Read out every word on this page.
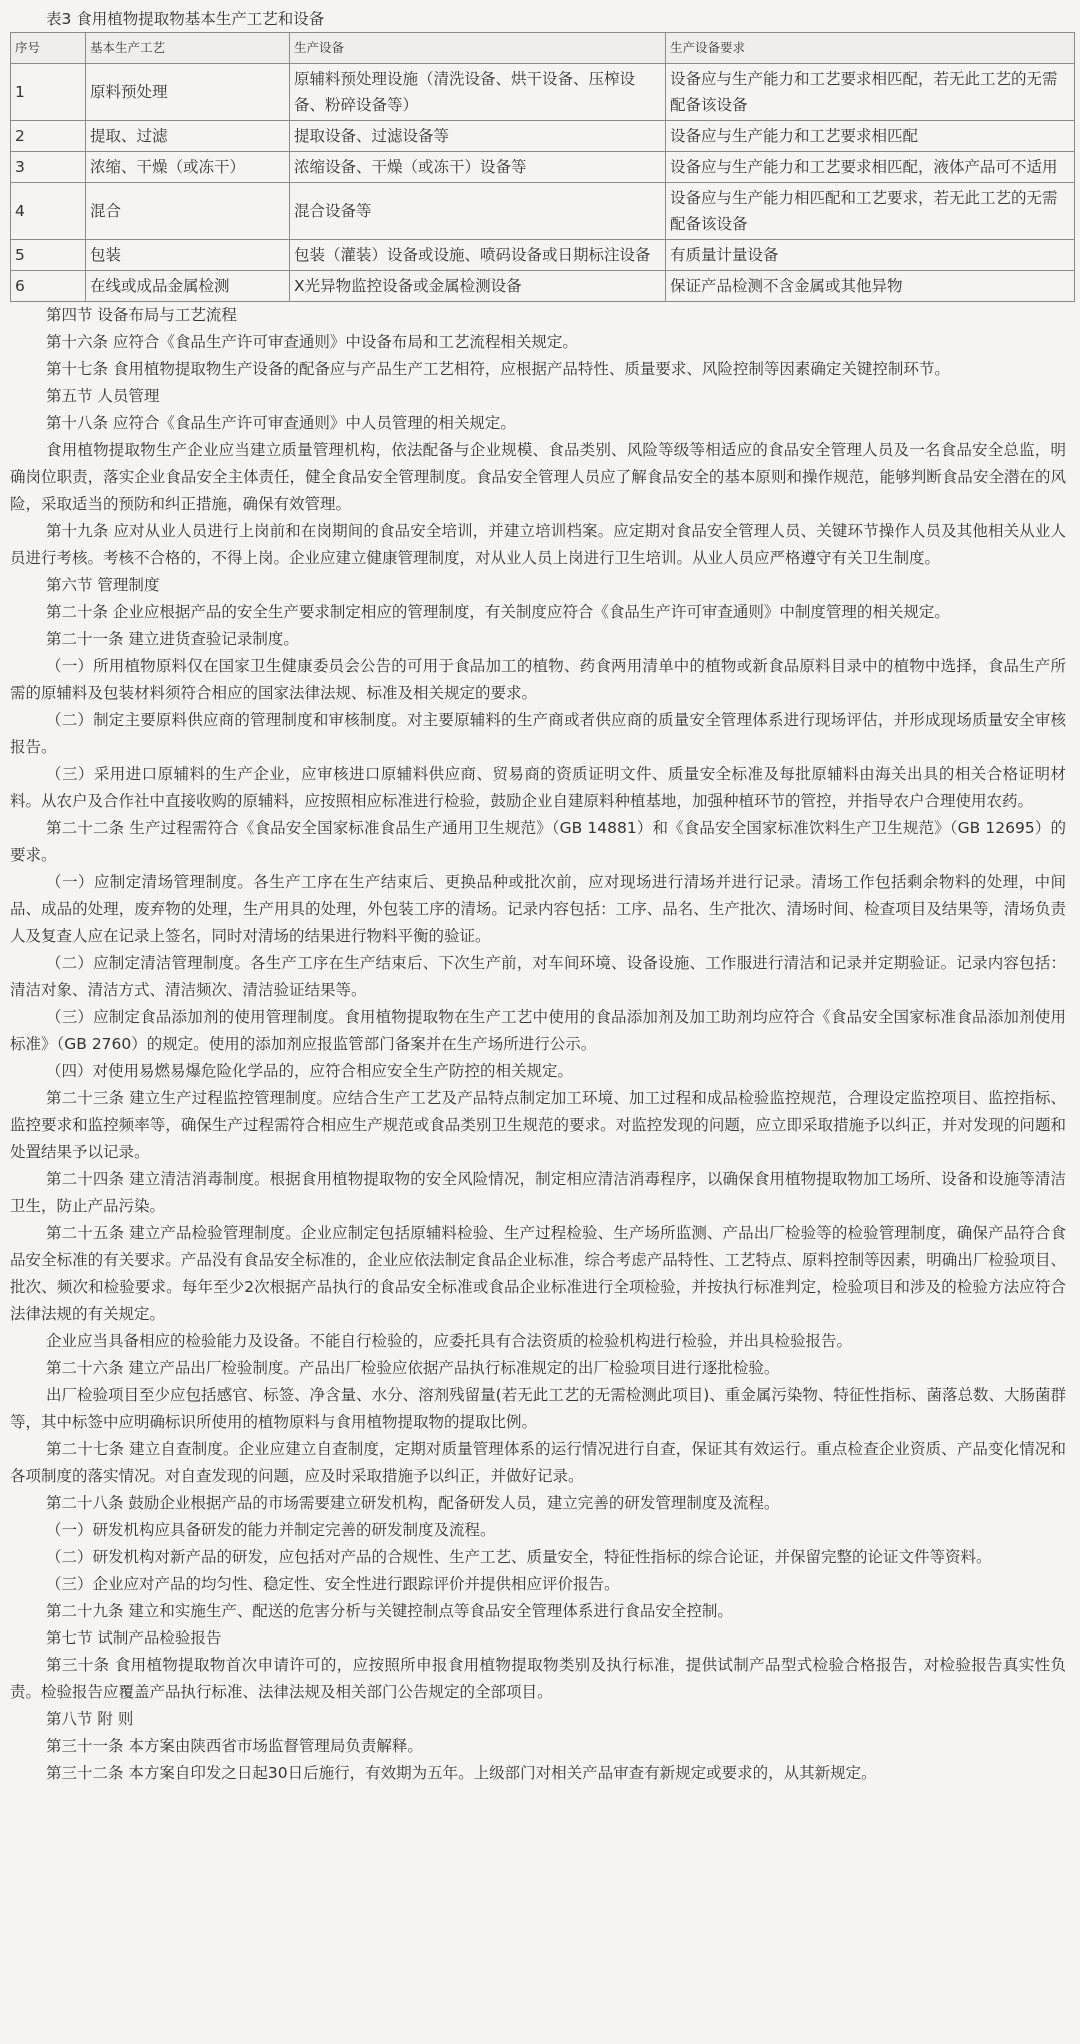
表3 食用植物提取物基本生产工艺和设备
序号	基本生产工艺	生产设备	生产设备要求
1	原料预处理	原辅料预处理设施（清洗设备、烘干设备、压榨设备、粉碎设备等）	设备应与生产能力和工艺要求相匹配，若无此工艺的无需配备该设备
2	提取、过滤	提取设备、过滤设备等	设备应与生产能力和工艺要求相匹配
3	浓缩、干燥（或冻干）	浓缩设备、干燥（或冻干）设备等	设备应与生产能力和工艺要求相匹配，液体产品可不适用
4	混合	混合设备等	设备应与生产能力相匹配和工艺要求，若无此工艺的无需配备该设备
5	包装	包装（灌装）设备或设施、喷码设备或日期标注设备	有质量计量设备
6	在线或成品金属检测	X光异物监控设备或金属检测设备	保证产品检测不含金属或其他异物

第四节 设备布局与工艺流程

第十六条 应符合《食品生产许可审查通则》中设备布局和工艺流程相关规定。

第十七条 食用植物提取物生产设备的配备应与产品生产工艺相符，应根据产品特性、质量要求、风险控制等因素确定关键控制环节。

第五节 人员管理

第十八条 应符合《食品生产许可审查通则》中人员管理的相关规定。

食用植物提取物生产企业应当建立质量管理机构，依法配备与企业规模、食品类别、风险等级等相适应的食品安全管理人员及一名食品安全总监，明确岗位职责，落实企业食品安全主体责任，健全食品安全管理制度。食品安全管理人员应了解食品安全的基本原则和操作规范，能够判断食品安全潜在的风险，采取适当的预防和纠正措施，确保有效管理。

第十九条 应对从业人员进行上岗前和在岗期间的食品安全培训，并建立培训档案。应定期对食品安全管理人员、关键环节操作人员及其他相关从业人员进行考核。考核不合格的，不得上岗。企业应建立健康管理制度，对从业人员上岗进行卫生培训。从业人员应严格遵守有关卫生制度。

第六节 管理制度

第二十条 企业应根据产品的安全生产要求制定相应的管理制度，有关制度应符合《食品生产许可审查通则》中制度管理的相关规定。

第二十一条 建立进货查验记录制度。

（一）所用植物原料仅在国家卫生健康委员会公告的可用于食品加工的植物、药食两用清单中的植物或新食品原料目录中的植物中选择，食品生产所需的原辅料及包装材料须符合相应的国家法律法规、标准及相关规定的要求。

（二）制定主要原料供应商的管理制度和审核制度。对主要原辅料的生产商或者供应商的质量安全管理体系进行现场评估，并形成现场质量安全审核报告。

（三）采用进口原辅料的生产企业，应审核进口原辅料供应商、贸易商的资质证明文件、质量安全标准及每批原辅料由海关出具的相关合格证明材料。从农户及合作社中直接收购的原辅料，应按照相应标准进行检验，鼓励企业自建原料种植基地，加强种植环节的管控，并指导农户合理使用农药。

第二十二条 生产过程需符合《食品安全国家标准食品生产通用卫生规范》（GB 14881）和《食品安全国家标准饮料生产卫生规范》（GB 12695）的要求。

（一）应制定清场管理制度。各生产工序在生产结束后、更换品种或批次前，应对现场进行清场并进行记录。清场工作包括剩余物料的处理，中间品、成品的处理，废弃物的处理，生产用具的处理，外包装工序的清场。记录内容包括：工序、品名、生产批次、清场时间、检查项目及结果等，清场负责人及复查人应在记录上签名，同时对清场的结果进行物料平衡的验证。

（二）应制定清洁管理制度。各生产工序在生产结束后、下次生产前，对车间环境、设备设施、工作服进行清洁和记录并定期验证。记录内容包括：清洁对象、清洁方式、清洁频次、清洁验证结果等。

（三）应制定食品添加剂的使用管理制度。食用植物提取物在生产工艺中使用的食品添加剂及加工助剂均应符合《食品安全国家标准食品添加剂使用标准》（GB 2760）的规定。使用的添加剂应报监管部门备案并在生产场所进行公示。

（四）对使用易燃易爆危险化学品的，应符合相应安全生产防控的相关规定。

第二十三条 建立生产过程监控管理制度。应结合生产工艺及产品特点制定加工环境、加工过程和成品检验监控规范，合理设定监控项目、监控指标、监控要求和监控频率等，确保生产过程需符合相应生产规范或食品类别卫生规范的要求。对监控发现的问题，应立即采取措施予以纠正，并对发现的问题和处置结果予以记录。

第二十四条 建立清洁消毒制度。根据食用植物提取物的安全风险情况，制定相应清洁消毒程序，以确保食用植物提取物加工场所、设备和设施等清洁卫生，防止产品污染。

第二十五条 建立产品检验管理制度。企业应制定包括原辅料检验、生产过程检验、生产场所监测、产品出厂检验等的检验管理制度，确保产品符合食品安全标准的有关要求。产品没有食品安全标准的，企业应依法制定食品企业标准，综合考虑产品特性、工艺特点、原料控制等因素，明确出厂检验项目、批次、频次和检验要求。每年至少2次根据产品执行的食品安全标准或食品企业标准进行全项检验，并按执行标准判定，检验项目和涉及的检验方法应符合法律法规的有关规定。

企业应当具备相应的检验能力及设备。不能自行检验的，应委托具有合法资质的检验机构进行检验，并出具检验报告。

第二十六条 建立产品出厂检验制度。产品出厂检验应依据产品执行标准规定的出厂检验项目进行逐批检验。

出厂检验项目至少应包括感官、标签、净含量、水分、溶剂残留量(若无此工艺的无需检测此项目)、重金属污染物、特征性指标、菌落总数、大肠菌群等，其中标签中应明确标识所使用的植物原料与食用植物提取物的提取比例。

第二十七条 建立自查制度。企业应建立自查制度，定期对质量管理体系的运行情况进行自查，保证其有效运行。重点检查企业资质、产品变化情况和各项制度的落实情况。对自查发现的问题，应及时采取措施予以纠正，并做好记录。

第二十八条 鼓励企业根据产品的市场需要建立研发机构，配备研发人员，建立完善的研发管理制度及流程。

（一）研发机构应具备研发的能力并制定完善的研发制度及流程。

（二）研发机构对新产品的研发，应包括对产品的合规性、生产工艺、质量安全，特征性指标的综合论证，并保留完整的论证文件等资料。

（三）企业应对产品的均匀性、稳定性、安全性进行跟踪评价并提供相应评价报告。

第二十九条 建立和实施生产、配送的危害分析与关键控制点等食品安全管理体系进行食品安全控制。

第七节 试制产品检验报告

第三十条 食用植物提取物首次申请许可的，应按照所申报食用植物提取物类别及执行标准，提供试制产品型式检验合格报告，对检验报告真实性负责。检验报告应覆盖产品执行标准、法律法规及相关部门公告规定的全部项目。

第八节 附 则

第三十一条 本方案由陕西省市场监督管理局负责解释。

第三十二条 本方案自印发之日起30日后施行，有效期为五年。上级部门对相关产品审查有新规定或要求的，从其新规定。
